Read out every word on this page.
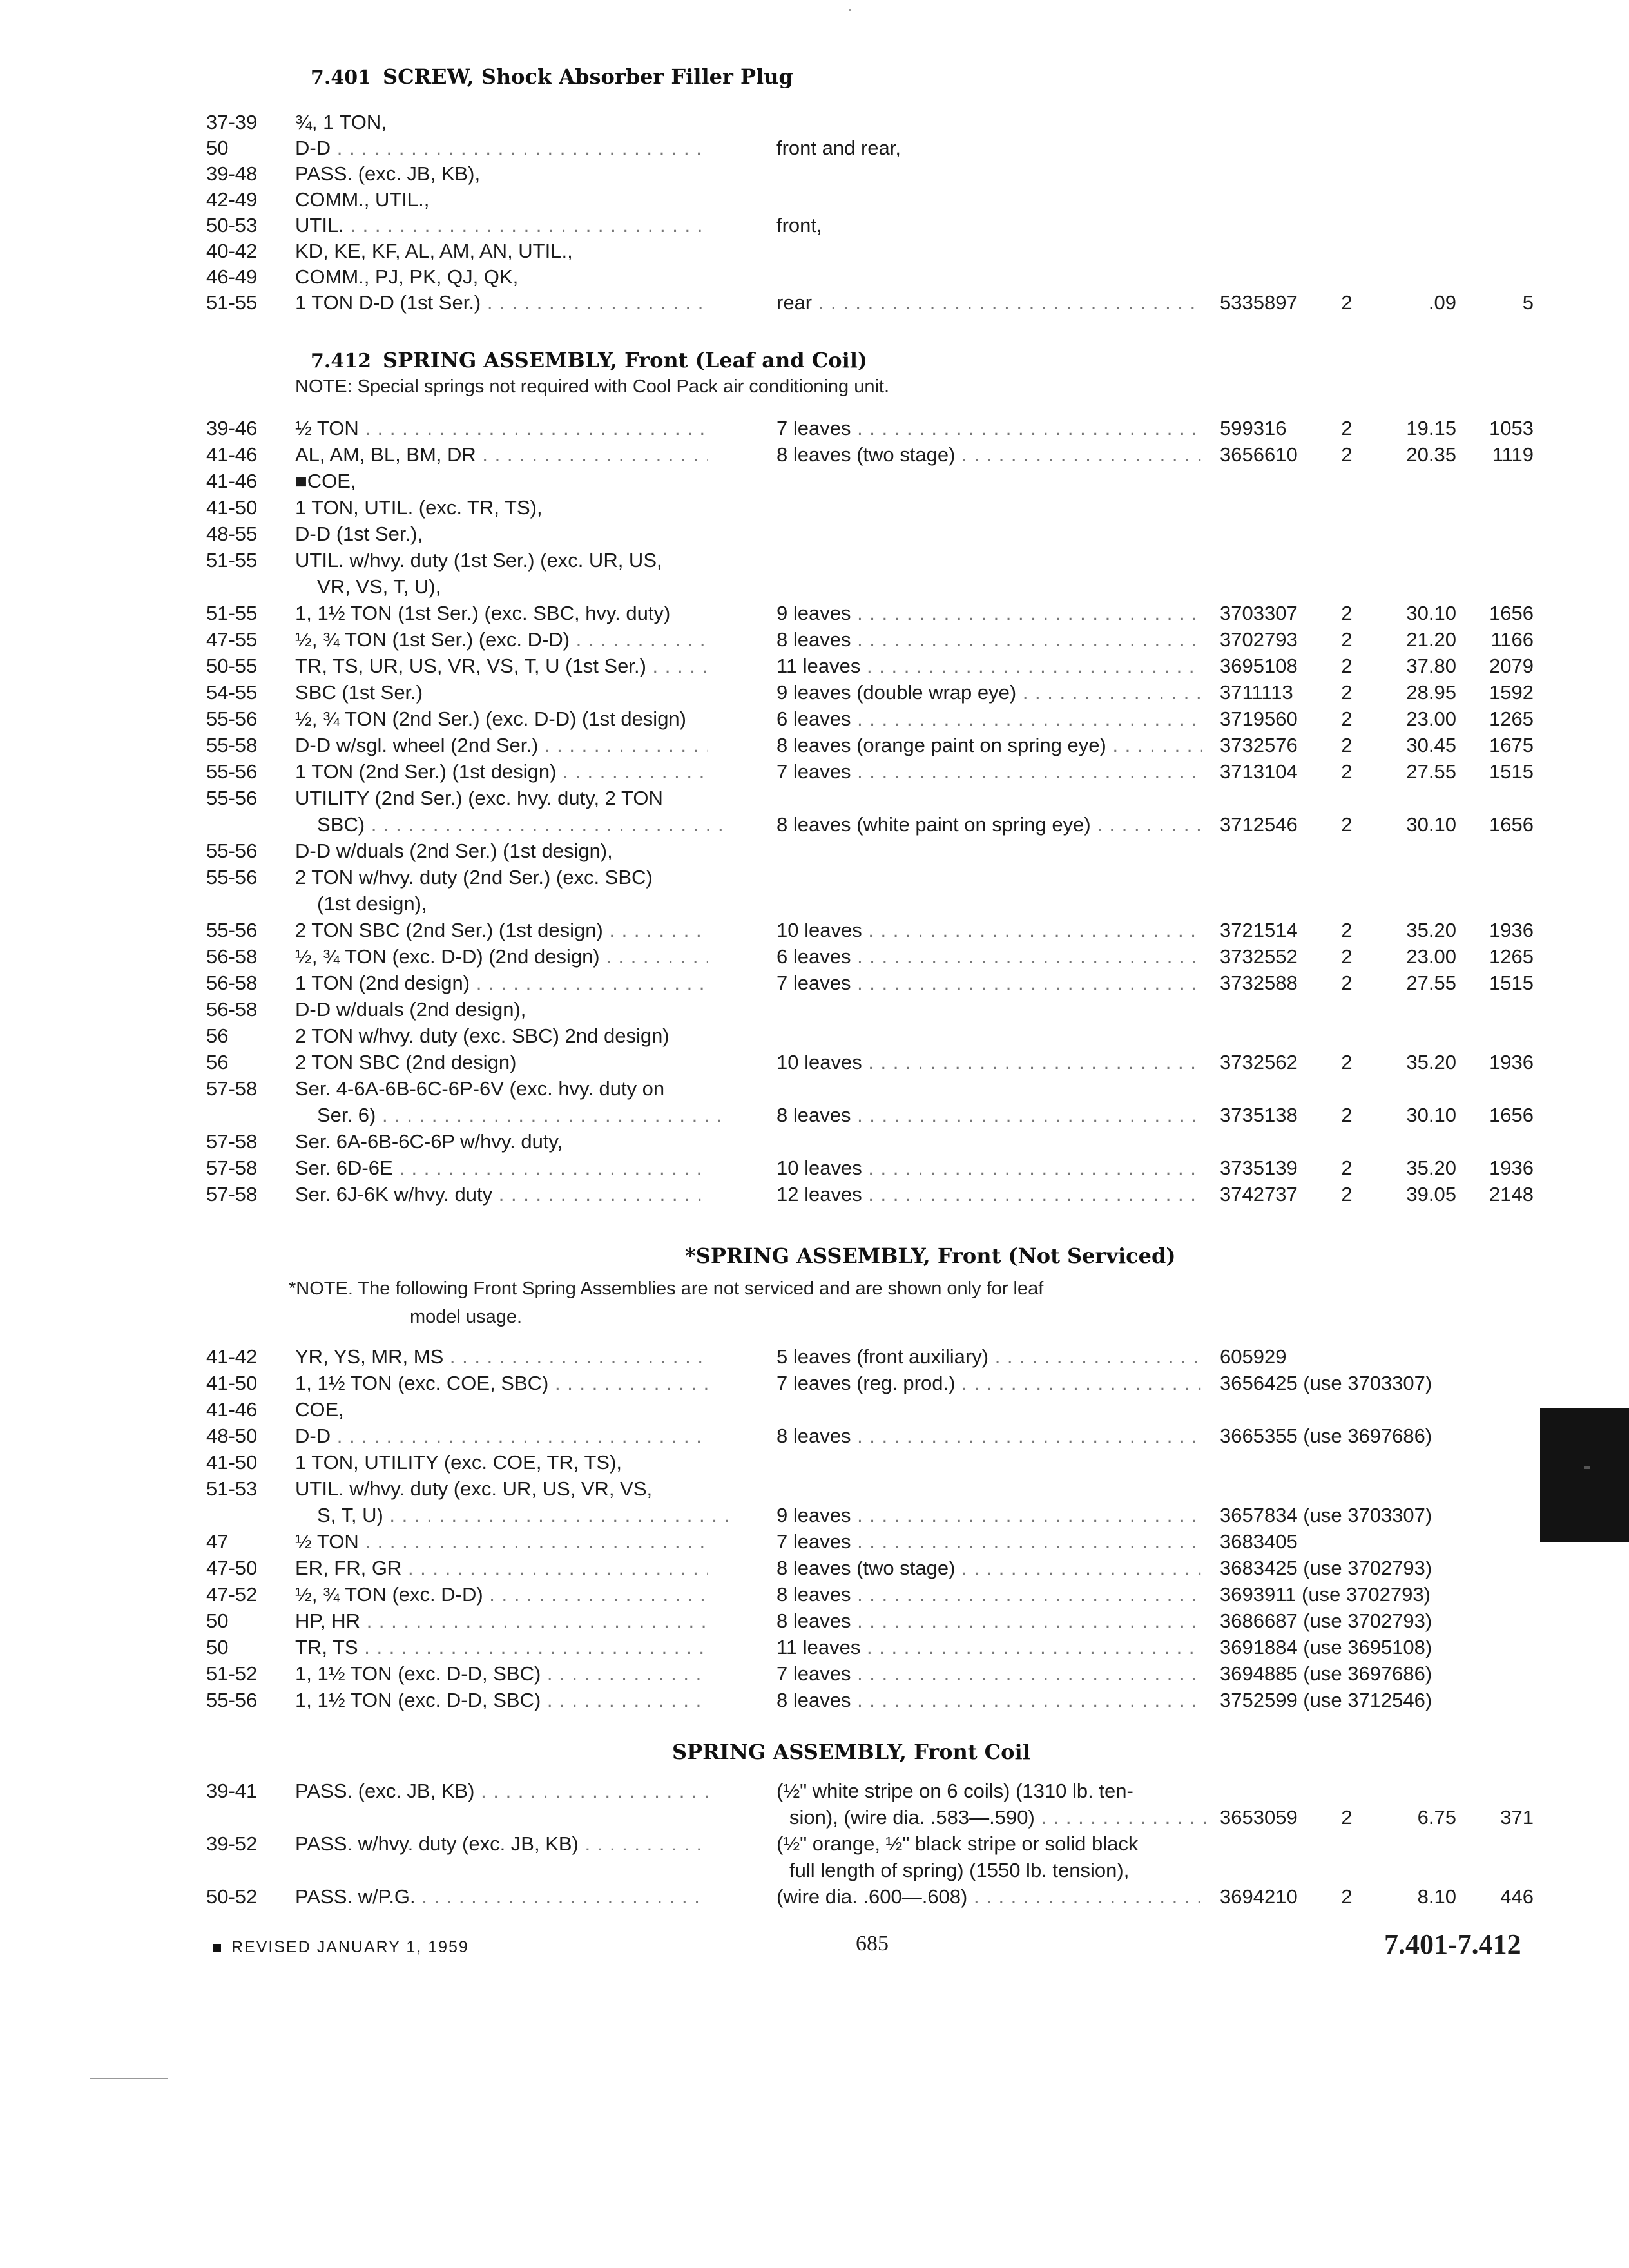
7.401 SCREW, Shock Absorber Filler Plug
37-39 ¾, 1 TON,
50	D-D . . .	front and rear,
39-48 PASS. (exc. JB, KB),
42-49 COMM., UTIL.,
50-53 UTIL. . . .	front,
40-42 KD, KE, KF, AL, AM, AN, UTIL.,
46-49 COMM., PJ, PK, QJ, QK,
51-55 1 TON D-D (1st Ser.) . . .	rear . . .	5335897	2	.09	5
7.412 SPRING ASSEMBLY, Front (Leaf and Coil)
NOTE: Special springs not required with Cool Pack air conditioning unit.
39-46 ½ TON . . .	7 leaves . . .	599316	2	19.15	1053
41-46 AL, AM, BL, BM, DR . . .	8 leaves (two stage) . . .	3656610	2	20.35	1119
41-46 ■COE,
41-50 1 TON, UTIL. (exc. TR, TS),
48-55 D-D (1st Ser.),
51-55 UTIL. w/hvy. duty (1st Ser.) (exc. UR, US,
VR, VS, T, U),
51-55 1, 1½ TON (1st Ser.) (exc. SBC, hvy. duty)	9 leaves . . .	3703307	2	30.10	1656
47-55 ½, ¾ TON (1st Ser.) (exc. D-D) . . .	8 leaves . . .	3702793	2	21.20	1166
50-55 TR, TS, UR, US, VR, VS, T, U (1st Ser.) . . .	11 leaves . . .	3695108	2	37.80	2079
54-55 SBC (1st Ser.)	9 leaves (double wrap eye) . . .	3711113	2	28.95	1592
55-56 ½, ¾ TON (2nd Ser.) (exc. D-D) (1st design)	6 leaves . . .	3719560	2	23.00	1265
55-58 D-D w/sgl. wheel (2nd Ser.) . . .	8 leaves (orange paint on spring eye) . . .	3732576	2	30.45	1675
55-56 1 TON (2nd Ser.) (1st design) . . .	7 leaves . . .	3713104	2	27.55	1515
55-56 UTILITY (2nd Ser.) (exc. hvy. duty, 2 TON
SBC) . . .	8 leaves (white paint on spring eye) . . .	3712546	2	30.10	1656
55-56 D-D w/duals (2nd Ser.) (1st design),
55-56 2 TON w/hvy. duty (2nd Ser.) (exc. SBC)
(1st design),
55-56 2 TON SBC (2nd Ser.) (1st design) . . .	10 leaves . . .	3721514	2	35.20	1936
56-58 ½, ¾ TON (exc. D-D) (2nd design) . . .	6 leaves . . .	3732552	2	23.00	1265
56-58 1 TON (2nd design) . . .	7 leaves . . .	3732588	2	27.55	1515
56-58 D-D w/duals (2nd design),
56	2 TON w/hvy. duty (exc. SBC) 2nd design)
56	2 TON SBC (2nd design)	10 leaves . . .	3732562	2	35.20	1936
57-58 Ser. 4-6A-6B-6C-6P-6V (exc. hvy. duty on
Ser. 6) . . .	8 leaves . . .	3735138	2	30.10	1656
57-58 Ser. 6A-6B-6C-6P w/hvy. duty,
57-58 Ser. 6D-6E . . .	10 leaves . . .	3735139	2	35.20	1936
57-58 Ser. 6J-6K w/hvy. duty . . .	12 leaves . . .	3742737	2	39.05	2148
*SPRING ASSEMBLY, Front (Not Serviced)
*NOTE. The following Front Spring Assemblies are not serviced and are shown only for leaf
model usage.
41-42 YR, YS, MR, MS . . .	5 leaves (front auxiliary) . . .	605929
41-50 1, 1½ TON (exc. COE, SBC) . . .	7 leaves (reg. prod.) . . .	3656425 (use 3703307)
41-46 COE,
48-50 D-D . . .	8 leaves . . .	3665355 (use 3697686)
41-50 1 TON, UTILITY (exc. COE, TR, TS),
51-53 UTIL. w/hvy. duty (exc. UR, US, VR, VS,
S, T, U) . . .	9 leaves . . .	3657834 (use 3703307)
47	½ TON . . .	7 leaves . . .	3683405
47-50 ER, FR, GR . . .	8 leaves (two stage) . . .	3683425 (use 3702793)
47-52 ½, ¾ TON (exc. D-D) . . .	8 leaves . . .	3693911 (use 3702793)
50	HP, HR . . .	8 leaves . . .	3686687 (use 3702793)
50	TR, TS . . .	11 leaves . . .	3691884 (use 3695108)
51-52 1, 1½ TON (exc. D-D, SBC) . . .	7 leaves . . .	3694885 (use 3697686)
55-56 1, 1½ TON (exc. D-D, SBC) . . .	8 leaves . . .	3752599 (use 3712546)
SPRING ASSEMBLY, Front Coil
39-41 PASS. (exc. JB, KB) . . .	(½" white stripe on 6 coils) (1310 lb. ten-
sion), (wire dia. .583—.590) . . .	3653059	2	6.75	371
39-52 PASS. w/hvy. duty (exc. JB, KB) . . .	(½" orange, ½" black stripe or solid black
full length of spring) (1550 lb. tension),
50-52 PASS. w/P.G. . . .	(wire dia. .600—.608) . . .	3694210	2	8.10	446
REVISED JANUARY 1, 1959	685	7.401-7.412
